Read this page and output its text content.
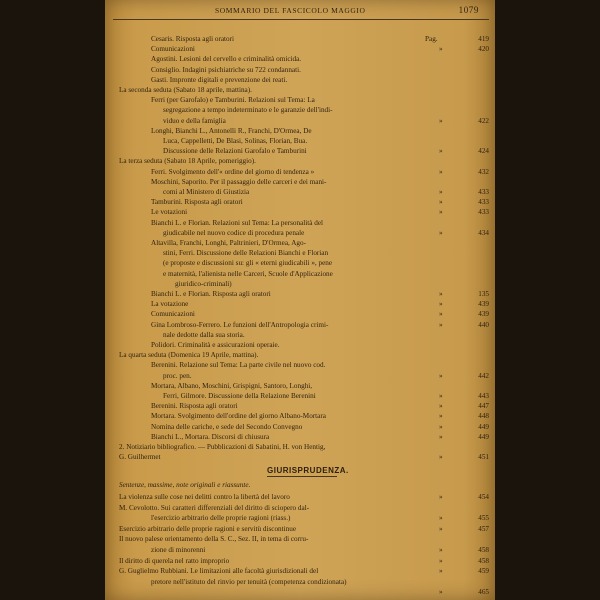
SOMMARIO DEL FASCICOLO MAGGIO	1079
Cesaris. Risposta agli oratori	Pag.	419
Comunicazioni	»	420
Agostini. Lesioni del cervello e criminalità omicida.
Consiglio. Indagini psichiatriche su 722 condannati.
Gasti. Impronte digitali e prevenzione dei reati.
La seconda seduta (Sabato 18 aprile, mattina).
Ferri (per Garofalo) e Tamburini. Relazioni sul Tema: La
segregazione a tempo indeterminato e le garanzie dell'indi-
viduo e della famiglia	»	422
Longhi, Bianchi L., Antonelli R., Franchi, D'Ormea, De
Luca, Cappelletti, De Blasi, Solinas, Florian, Bua.
Discussione delle Relazioni Garofalo e Tamburini	»	424
La terza seduta (Sabato 18 Aprile, pomeriggio).
Ferri. Svolgimento dell'« ordine del giorno di tendenza »	»	432
Moschini, Saporito. Per il passaggio delle carceri e dei mani-
comi al Ministero di Giustizia	»	433
Tamburini. Risposta agli oratori	»	433
Le votazioni	»	433
Bianchi L. e Florian. Relazioni sul Tema: La personalità del
giudicabile nel nuovo codice di procedura penale	»	434
Altavilla, Franchi, Longhi, Paltrinieri, D'Ormea, Ago-
stini, Ferri. Discussione delle Relazioni Bianchi e Florian
(e proposte e discussioni su: gli « eterni giudicabili », pene
e maternità, l'alienista nelle Carceri, Scuole d'Applicazione
giuridico-criminali)
Bianchi L. e Florian. Risposta agli oratori	»	135
La votazione	»	439
Comunicazioni	»	439
Gina Lombroso-Ferrero. Le funzioni dell'Antropologia crimi-	»	440
nale dedotte dalla sua storia.
Polidori. Criminalità e assicurazioni operaie.
La quarta seduta (Domenica 19 Aprile, mattina).
Berenini. Relazione sul Tema: La parte civile nel nuovo cod.
proc. pen.	»	442
Mortara, Albano, Moschini, Grispigni, Santoro, Longhi,
Ferri, Gilmore. Discussione della Relazione Berenini	»	443
Berenini. Risposta agli oratori	»	447
Mortara. Svolgimento dell'ordine del giorno Albano-Mortara	»	448
Nomina delle cariche, e sede del Secondo Convegno	»	449
Bianchi L., Mortara. Discorsi di chiusura	»	449
2. Notiziario bibliografico. — Pubblicazioni di Sabatini, H. von Hentig,
G. Guilhermet	»	451
GIURISPRUDENZA.
Sentenze, massime, note originali e riassunte.
La violenza sulle cose nei delitti contro la libertà del lavoro	»	454
M. Cevolotto. Sui caratteri differenziali del diritto di sciopero dal-
l'esercizio arbitrario delle proprie ragioni (riass.)	»	455
Esercizio arbitrario delle proprie ragioni e servitù discontinue	»	457
Il nuovo palese orientamento della S. C., Sez. II, in tema di corru-
zione di minorenni	»	458
Il diritto di querela nel ratto improprio	»	458
G. Guglielmo Rubbiani. Le limitazioni alle facoltà giurisdizionali del	»	459
pretore nell'istituto del rinvio per tenuità (competenza condizionata)
»	465
